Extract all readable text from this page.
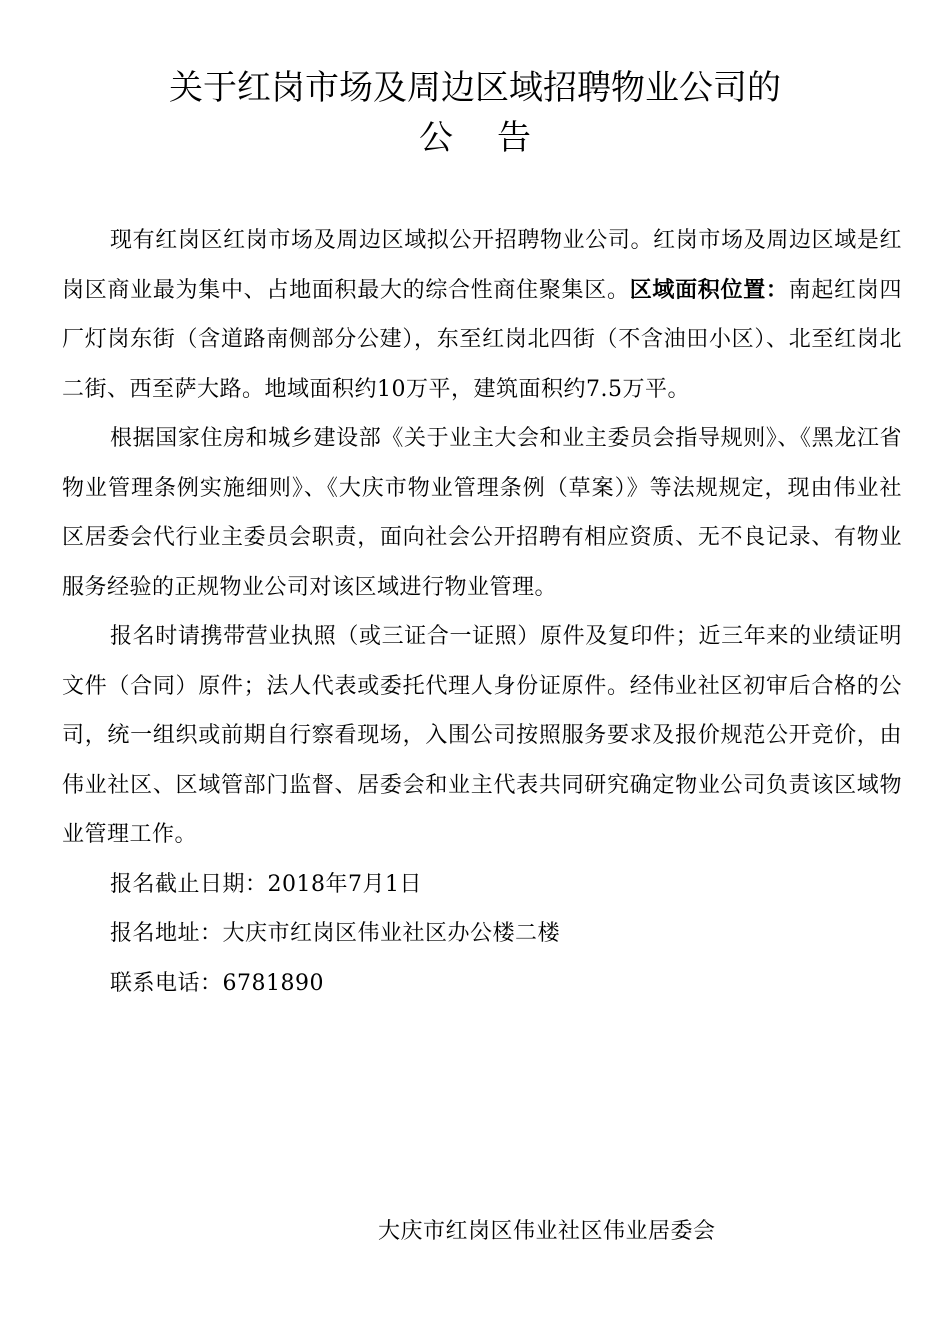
关于红岗市场及周边区域招聘物业公司的
公告

现有红岗区红岗市场及周边区域拟公开招聘物业公司。红岗市场及周边区域是红岗区商业最为集中、占地面积最大的综合性商住聚集区。区域面积位置：南起红岗四厂灯岗东街（含道路南侧部分公建），东至红岗北四街（不含油田小区）、北至红岗北二街、西至萨大路。地域面积约10万平，建筑面积约7.5万平。

根据国家住房和城乡建设部《关于业主大会和业主委员会指导规则》、《黑龙江省物业管理条例实施细则》、《大庆市物业管理条例（草案）》等法规规定，现由伟业社区居委会代行业主委员会职责，面向社会公开招聘有相应资质、无不良记录、有物业服务经验的正规物业公司对该区域进行物业管理。

报名时请携带营业执照（或三证合一证照）原件及复印件；近三年来的业绩证明文件（合同）原件；法人代表或委托代理人身份证原件。经伟业社区初审后合格的公司，统一组织或前期自行察看现场，入围公司按照服务要求及报价规范公开竞价，由伟业社区、区域管部门监督、居委会和业主代表共同研究确定物业公司负责该区域物业管理工作。

报名截止日期：2018年7月1日

报名地址：大庆市红岗区伟业社区办公楼二楼

联系电话：6781890

大庆市红岗区伟业社区伟业居委会
